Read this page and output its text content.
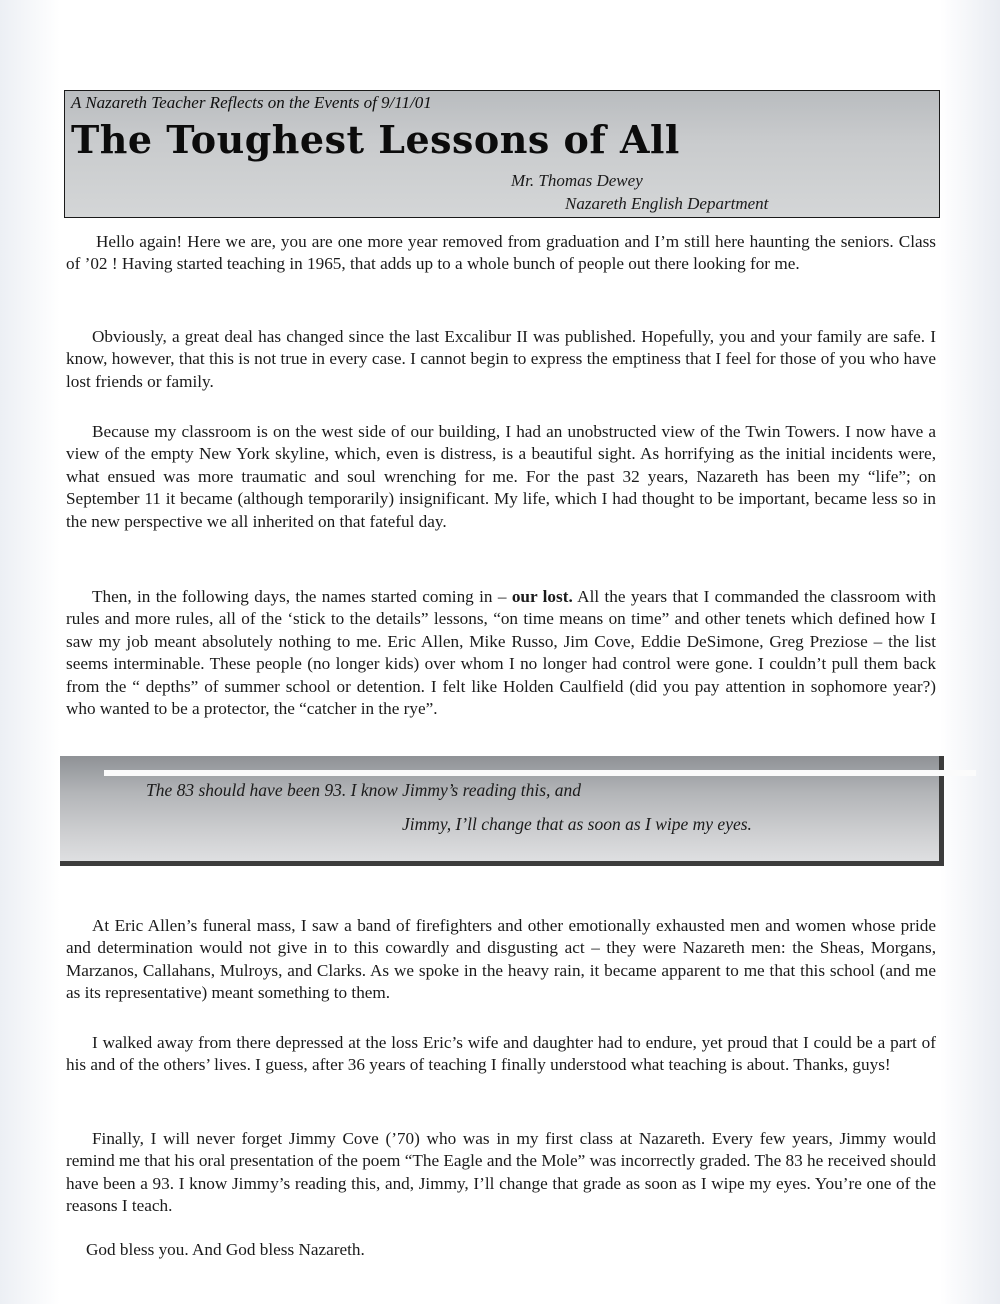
A Nazareth Teacher Reflects on the Events of 9/11/01
The Toughest Lessons of All
Mr. Thomas Dewey
Nazareth English Department

Hello again! Here we are, you are one more year removed from graduation and I’m still here haunting the seniors. Class of ’02 ! Having started teaching in 1965, that adds up to a whole bunch of people out there looking for me.

Obviously, a great deal has changed since the last Excalibur II was published. Hopefully, you and your family are safe. I know, however, that this is not true in every case. I cannot begin to express the emptiness that I feel for those of you who have lost friends or family.

Because my classroom is on the west side of our building, I had an unobstructed view of the Twin Towers. I now have a view of the empty New York skyline, which, even is distress, is a beautiful sight. As horrifying as the initial incidents were, what ensued was more traumatic and soul wrenching for me. For the past 32 years, Nazareth has been my “life”; on September 11 it became (although temporarily) insignificant. My life, which I had thought to be important, became less so in the new perspective we all inherited on that fateful day.

Then, in the following days, the names started coming in – our lost. All the years that I commanded the classroom with rules and more rules, all of the ‘stick to the details” lessons, “on time means on time” and other tenets which defined how I saw my job meant absolutely nothing to me. Eric Allen, Mike Russo, Jim Cove, Eddie DeSimone, Greg Preziose – the list seems interminable. These people (no longer kids) over whom I no longer had control were gone. I couldn’t pull them back from the “ depths” of summer school or detention. I felt like Holden Caulfield (did you pay attention in sophomore year?) who wanted to be a protector, the “catcher in the rye”.

The 83 should have been 93. I know Jimmy’s reading this, and
Jimmy, I’ll change that as soon as I wipe my eyes.

At Eric Allen’s funeral mass, I saw a band of firefighters and other emotionally exhausted men and women whose pride and determination would not give in to this cowardly and disgusting act – they were Nazareth men: the Sheas, Morgans, Marzanos, Callahans, Mulroys, and Clarks. As we spoke in the heavy rain, it became apparent to me that this school (and me as its representative) meant something to them.

I walked away from there depressed at the loss Eric’s wife and daughter had to endure, yet proud that I could be a part of his and of the others’ lives. I guess, after 36 years of teaching I finally understood what teaching is about. Thanks, guys!

Finally, I will never forget Jimmy Cove (’70) who was in my first class at Nazareth. Every few years, Jimmy would remind me that his oral presentation of the poem “The Eagle and the Mole” was incorrectly graded. The 83 he received should have been a 93. I know Jimmy’s reading this, and, Jimmy, I’ll change that grade as soon as I wipe my eyes. You’re one of the reasons I teach.

God bless you. And God bless Nazareth.
